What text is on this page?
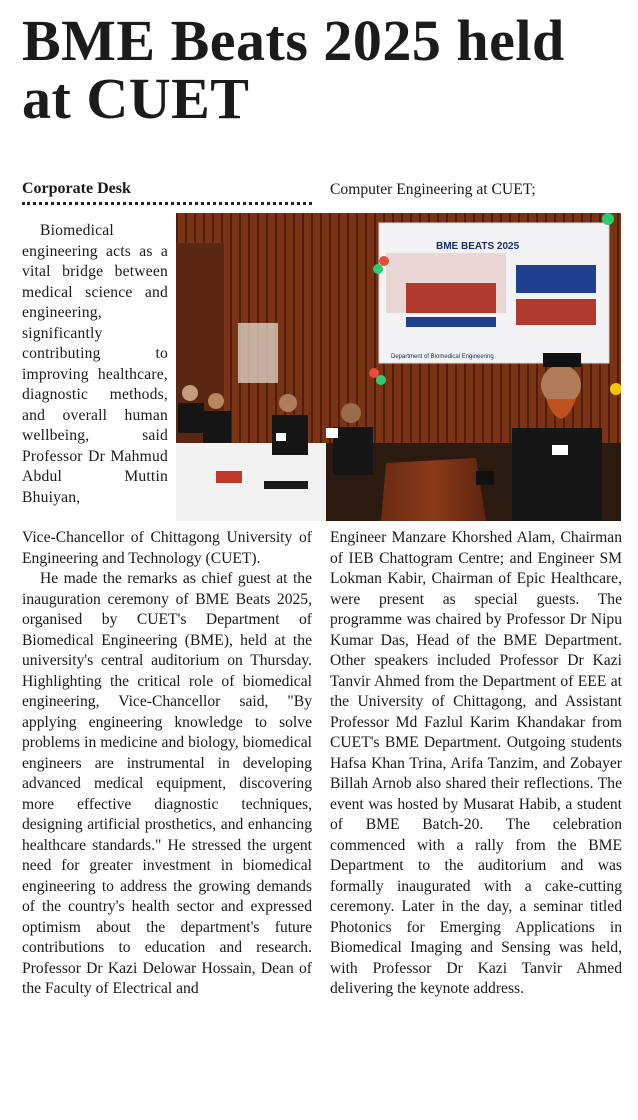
BME Beats 2025 held
at CUET
Corporate Desk	Computer Engineering at CUET;

Biomedical engineering acts as a vital bridge between medical science and engineering, significantly contributing to improving healthcare, diagnostic methods, and overall human wellbeing, said Professor Dr Mahmud Abdul Muttin Bhuiyan,

Vice-Chancellor of Chittagong University of Engineering and Technology (CUET).

He made the remarks as chief guest at the inauguration ceremony of BME Beats 2025, organised by CUET's Department of Biomedical Engineering (BME), held at the university's central auditorium on Thursday. Highlighting the critical role of biomedical engineering, Vice-Chancellor said, "By applying engineering knowledge to solve problems in medicine and biology, biomedical engineers are instrumental in developing advanced medical equipment, discovering more effective diagnostic techniques, designing artificial prosthetics, and enhancing healthcare standards." He stressed the urgent need for greater investment in biomedical engineering to address the growing demands of the country's health sector and expressed optimism about the department's future contributions to education and research. Professor Dr Kazi Delowar Hossain, Dean of the Faculty of Electrical and

Engineer Manzare Khorshed Alam, Chairman of IEB Chattogram Centre; and Engineer SM Lokman Kabir, Chairman of Epic Healthcare, were present as special guests. The programme was chaired by Professor Dr Nipu Kumar Das, Head of the BME Department. Other speakers included Professor Dr Kazi Tanvir Ahmed from the Department of EEE at the University of Chittagong, and Assistant Professor Md Fazlul Karim Khandakar from CUET's BME Department. Outgoing students Hafsa Khan Trina, Arifa Tanzim, and Zobayer Billah Arnob also shared their reflections. The event was hosted by Musarat Habib, a student of BME Batch-20. The celebration commenced with a rally from the BME Department to the auditorium and was formally inaugurated with a cake-cutting ceremony. Later in the day, a seminar titled Photonics for Emerging Applications in Biomedical Imaging and Sensing was held, with Professor Dr Kazi Tanvir Ahmed delivering the keynote address.

BME BEATS 2025
Department of Biomedical Engineering
